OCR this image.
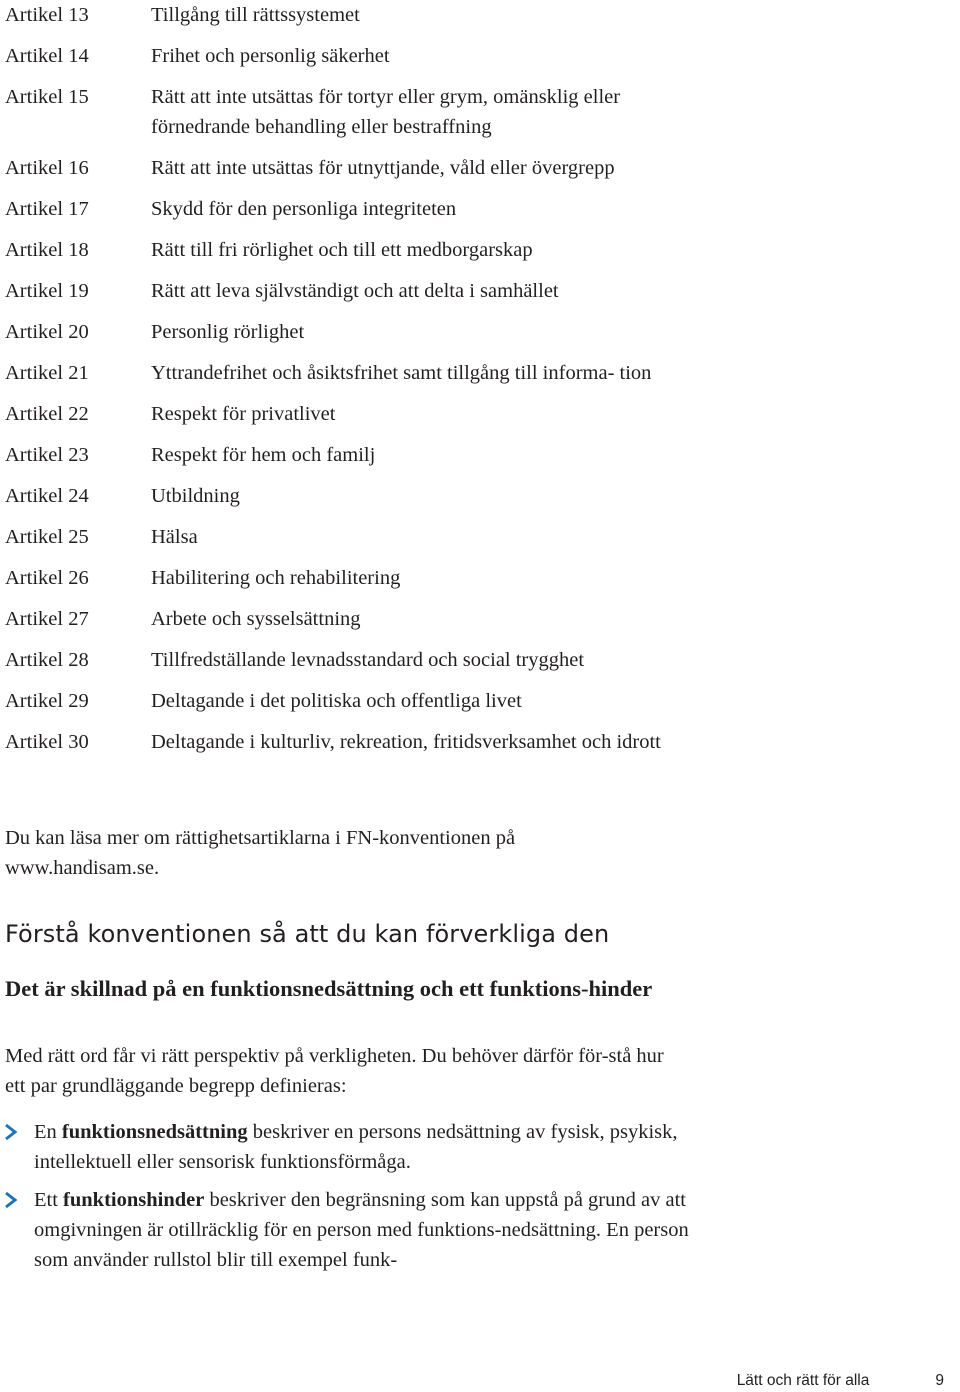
Artikel 13	Tillgång till rättssystemet
Artikel 14	Frihet och personlig säkerhet
Artikel 15	Rätt att inte utsättas för tortyr eller grym, omänsklig eller förnedrande behandling eller bestraffning
Artikel 16	Rätt att inte utsättas för utnyttjande, våld eller övergrepp
Artikel 17	Skydd för den personliga integriteten
Artikel 18	Rätt till fri rörlighet och till ett medborgarskap
Artikel 19	Rätt att leva självständigt och att delta i samhället
Artikel 20	Personlig rörlighet
Artikel 21	Yttrandefrihet och åsiktsfrihet samt tillgång till informa- tion
Artikel 22	Respekt för privatlivet
Artikel 23	Respekt för hem och familj
Artikel 24	Utbildning
Artikel 25	Hälsa
Artikel 26	Habilitering och rehabilitering
Artikel 27	Arbete och sysselsättning
Artikel 28	Tillfredställande levnadsstandard och social trygghet
Artikel 29	Deltagande i det politiska och offentliga livet
Artikel 30	Deltagande i kulturliv, rekreation, fritidsverksamhet och idrott

Du kan läsa mer om rättighetsartiklarna i FN-konventionen på www.handisam.se.

Förstå konventionen så att du kan förverkliga den
Det är skillnad på en funktionsnedsättning och ett funktions-hinder

Med rätt ord får vi rätt perspektiv på verkligheten. Du behöver därför för-stå hur ett par grundläggande begrepp definieras:

En funktionsnedsättning beskriver en persons nedsättning av fysisk, psykisk, intellektuell eller sensorisk funktionsförmåga.
Ett funktionshinder beskriver den begränsning som kan uppstå på grund av att omgivningen är otillräcklig för en person med funktions-nedsättning. En person som använder rullstol blir till exempel funk-
Lätt och rätt för alla	9
